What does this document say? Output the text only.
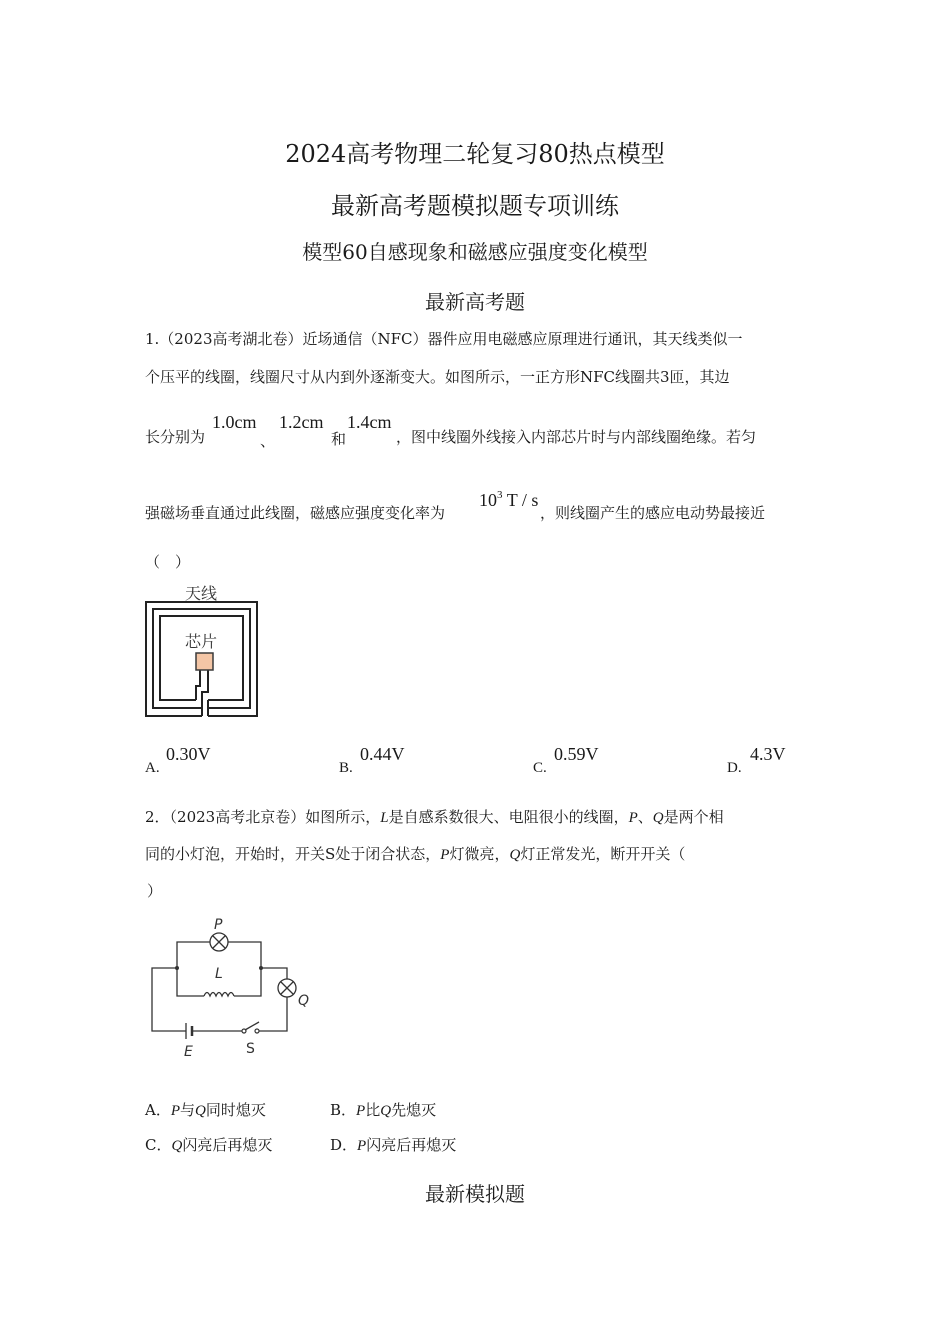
2024高考物理二轮复习80热点模型
最新高考题模拟题专项训练
模型60自感现象和磁感应强度变化模型
最新高考题
1.（2023高考湖北卷）近场通信（NFC）器件应用电磁感应原理进行通讯，其天线类似一
个压平的线圈，线圈尺寸从内到外逐渐变大。如图所示，一正方形NFC线圈共3匝，其边
长分别为
1.0cm
、
1.2cm
和
1.4cm
，图中线圈外线接入内部芯片时与内部线圈绝缘。若匀
强磁场垂直通过此线圈，磁感应强度变化率为
$10^3$ T / s
，则线圈产生的感应电动势最接近
（　）
天线
芯片
A.
0.30V
B.
0.44V
C.
0.59V
D.
4.3V
2．（2023高考北京卷）如图所示，L是自感系数很大、电阻很小的线圈，P、Q是两个相
同的小灯泡，开始时，开关S处于闭合状态，P灯微亮，Q灯正常发光，断开开关（
）
P
L
Q
E	S
A．P与Q同时熄灭	B．P比Q先熄灭
C．Q闪亮后再熄灭	D．P闪亮后再熄灭
最新模拟题
